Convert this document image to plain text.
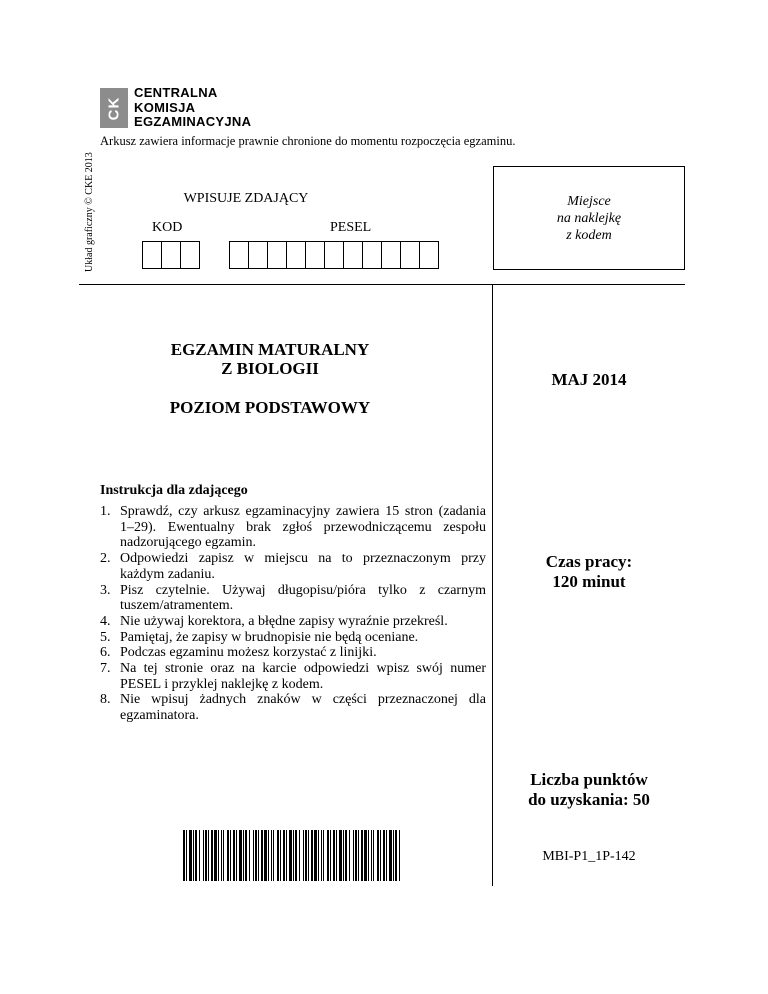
CK
CENTRALNA
KOMISJA
EGZAMINACYJNA
Arkusz zawiera informacje prawnie chronione do momentu rozpoczęcia egzaminu.
Układ graficzny © CKE 2013	WPISUJE ZDAJĄCY
KOD	PESEL
Miejsce
na naklejkę
z kodem
EGZAMIN MATURALNY
Z BIOLOGII
POZIOM PODSTAWOWY
MAJ 2014
Instrukcja dla zdającego
1. Sprawdź, czy arkusz egzaminacyjny zawiera 15 stron (zadania 1–29). Ewentualny brak zgłoś przewodniczącemu zespołu nadzorującego egzamin.
2. Odpowiedzi zapisz w miejscu na to przeznaczonym przy każdym zadaniu.
3. Pisz czytelnie. Używaj długopisu/pióra tylko z czarnym tuszem/atramentem.
4. Nie używaj korektora, a błędne zapisy wyraźnie przekreśl.
5. Pamiętaj, że zapisy w brudnopisie nie będą oceniane.
6. Podczas egzaminu możesz korzystać z linijki.
7. Na tej stronie oraz na karcie odpowiedzi wpisz swój numer PESEL i przyklej naklejkę z kodem.
8. Nie wpisuj żadnych znaków w części przeznaczonej dla egzaminatora.
Czas pracy:
120 minut
Liczba punktów
do uzyskania: 50
MBI-P1_1P-142
